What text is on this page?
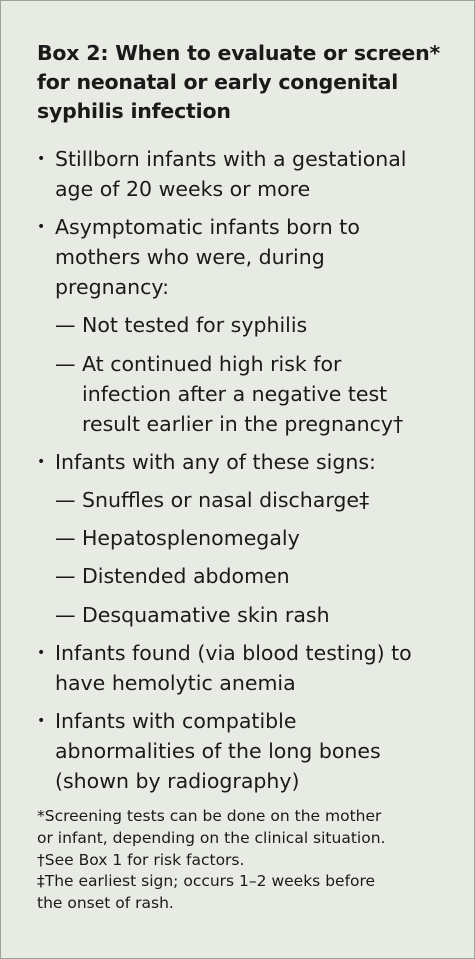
Box 2: When to evaluate or screen*
for neonatal or early congenital
syphilis infection
• Stillborn infants with a gestational
age of 20 weeks or more
• Asymptomatic infants born to
mothers who were, during
pregnancy:
— Not tested for syphilis
— At continued high risk for
infection after a negative test
result earlier in the pregnancy†
• Infants with any of these signs:
— Snuffles or nasal discharge‡
— Hepatosplenomegaly
— Distended abdomen
— Desquamative skin rash
• Infants found (via blood testing) to
have hemolytic anemia
• Infants with compatible
abnormalities of the long bones
(shown by radiography)
*Screening tests can be done on the mother
or infant, depending on the clinical situation.
†See Box 1 for risk factors.
‡The earliest sign; occurs 1–2 weeks before
the onset of rash.
